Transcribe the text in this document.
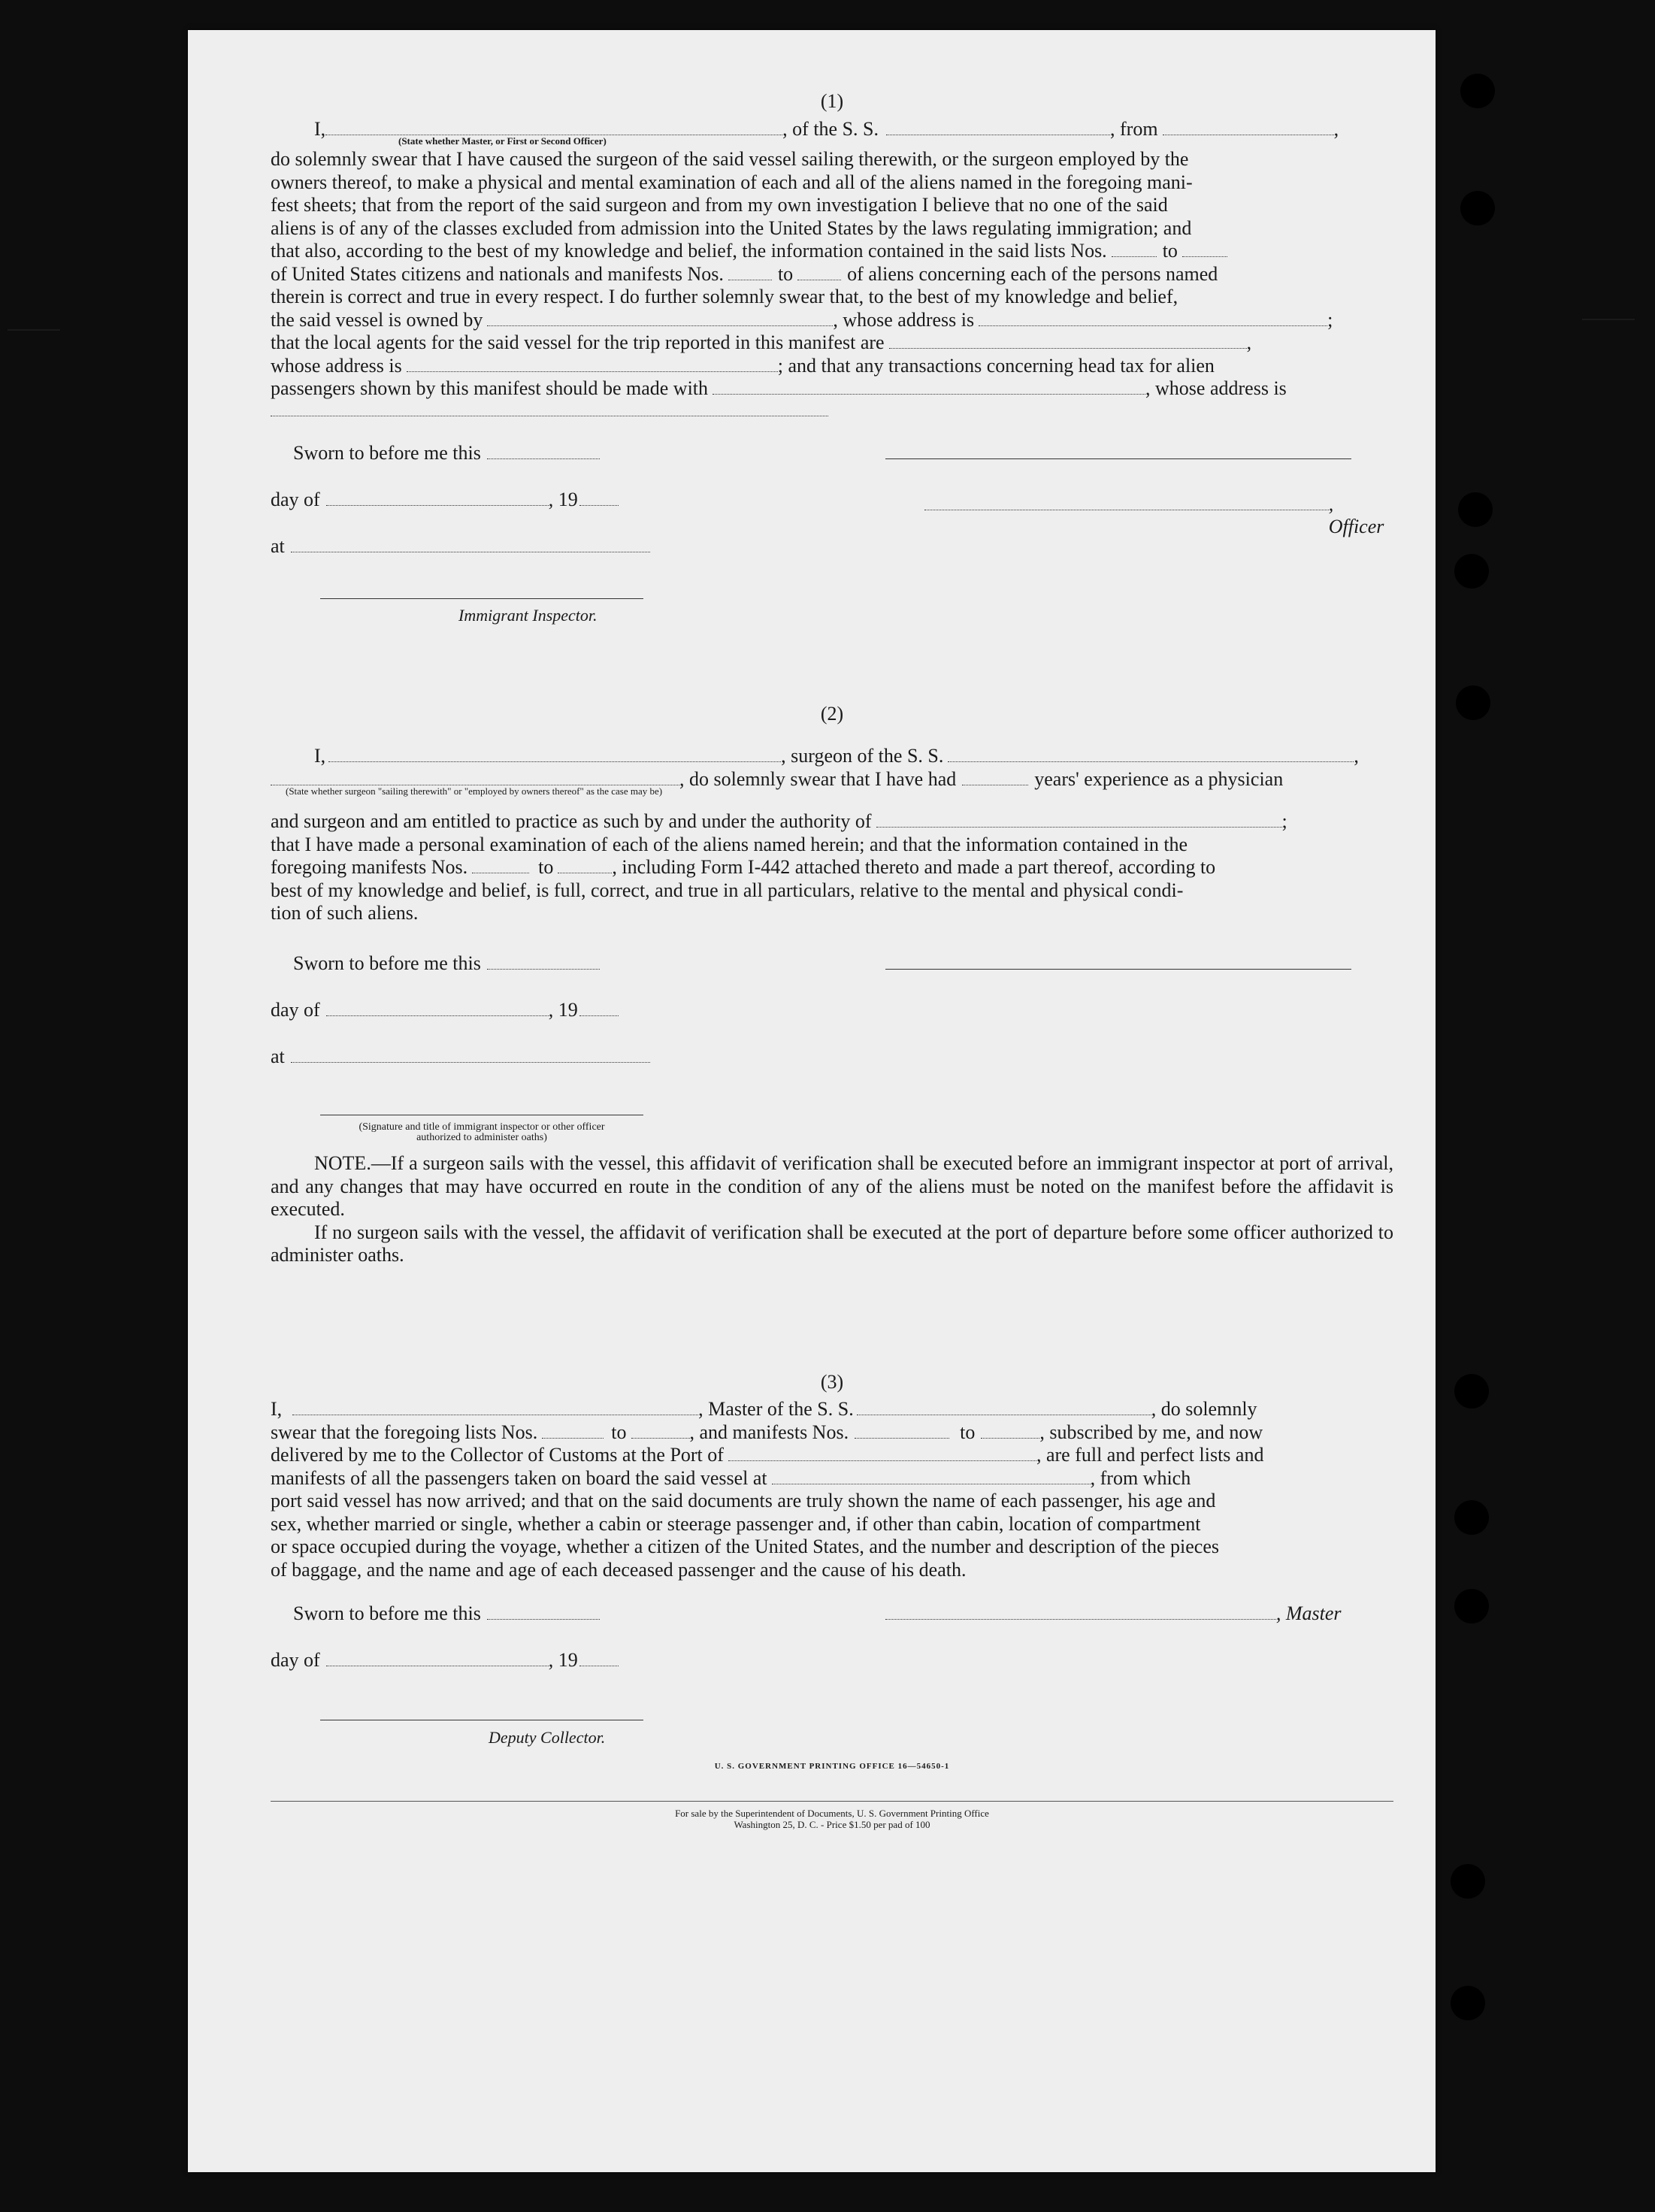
(1)

I,	, of the S. S.	, from	,
(State whether Master, or First or Second Officer)

do solemnly swear that I have caused the surgeon of the said vessel sailing therewith, or the surgeon employed by the

owners thereof, to make a physical and mental examination of each and all of the aliens named in the foregoing mani-

fest sheets; that from the report of the said surgeon and from my own investigation I believe that no one of the said

aliens is of any of the classes excluded from admission into the United States by the laws regulating immigration; and

that also, according to the best of my knowledge and belief, the information contained in the said lists Nos.	to
of United States citizens and nationals and manifests Nos.	to	of aliens concerning each of the persons named

therein is correct and true in every respect. I do further solemnly swear that, to the best of my knowledge and belief,

the said vessel is owned by	, whose address is	;
that the local agents for the said vessel for the trip reported in this manifest are	,
whose address is	; and that any transactions concerning head tax for alien
passengers shown by this manifest should be made with	, whose address is
Sworn to before me this
day of	, 19	, Officer
at
Immigrant Inspector.

(2)

I,	, surgeon of the S. S.	,
, do solemnly swear that I have had	years' experience as a physician
(State whether surgeon "sailing therewith" or "employed by owners thereof" as the case may be)
and surgeon and am entitled to practice as such by and under the authority of	;

that I have made a personal examination of each of the aliens named herein; and that the information contained in the

foregoing manifests Nos.	to	, including Form I-442 attached thereto and made a part thereof, according to

best of my knowledge and belief, is full, correct, and true in all particulars, relative to the mental and physical condi-

tion of such aliens.

Sworn to before me this
day of	, 19
at
(Signature and title of immigrant inspector or other officer authorized to administer oaths)

NOTE.—If a surgeon sails with the vessel, this affidavit of verification shall be executed before an immigrant inspector at port of arrival, and any changes that may have occurred en route in the condition of any of the aliens must be noted on the manifest before the affidavit is executed.

If no surgeon sails with the vessel, the affidavit of verification shall be executed at the port of departure before some officer authorized to administer oaths.

(3)

I,	, Master of the S. S.	, do solemnly
swear that the foregoing lists Nos.	to	, and manifests Nos.	to	, subscribed by me, and now
delivered by me to the Collector of Customs at the Port of	, are full and perfect lists and
manifests of all the passengers taken on board the said vessel at	, from which

port said vessel has now arrived; and that on the said documents are truly shown the name of each passenger, his age and

sex, whether married or single, whether a cabin or steerage passenger and, if other than cabin, location of compartment

or space occupied during the voyage, whether a citizen of the United States, and the number and description of the pieces

of baggage, and the name and age of each deceased passenger and the cause of his death.

Sworn to before me this	, Master
day of	, 19
Deputy Collector.
U. S. GOVERNMENT PRINTING OFFICE 16—54650-1
For sale by the Superintendent of Documents, U. S. Government Printing Office
Washington 25, D. C. - Price $1.50 per pad of 100
